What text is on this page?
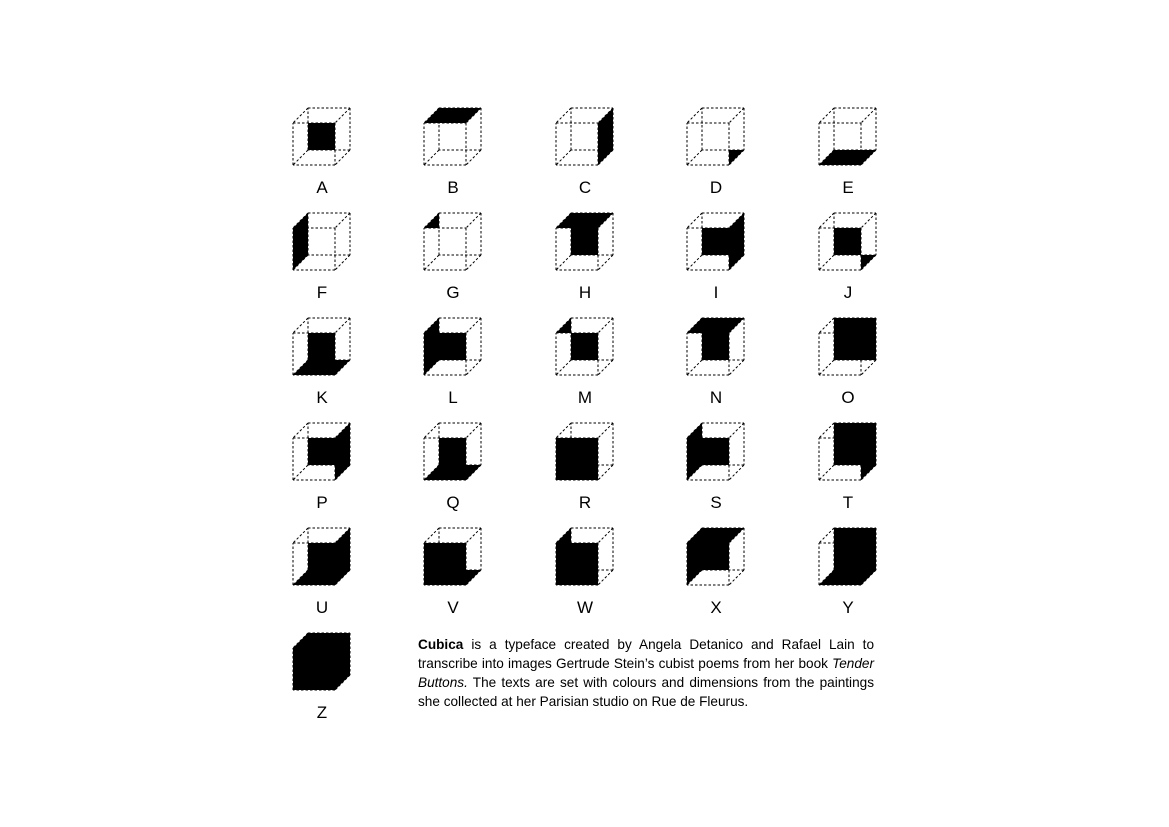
A	B	C	D	E
F	G	H	I	J
K	L	M	N	O
P	Q	R	S	T
U	V	W	X	Y
Z

Cubica is a typeface created by Angela Detanico and Rafael Lain to transcribe into images Gertrude Stein’s cubist poems from her book Tender Buttons. The texts are set with colours and dimensions from the paintings she collected at her Parisian studio on Rue de Fleurus.
